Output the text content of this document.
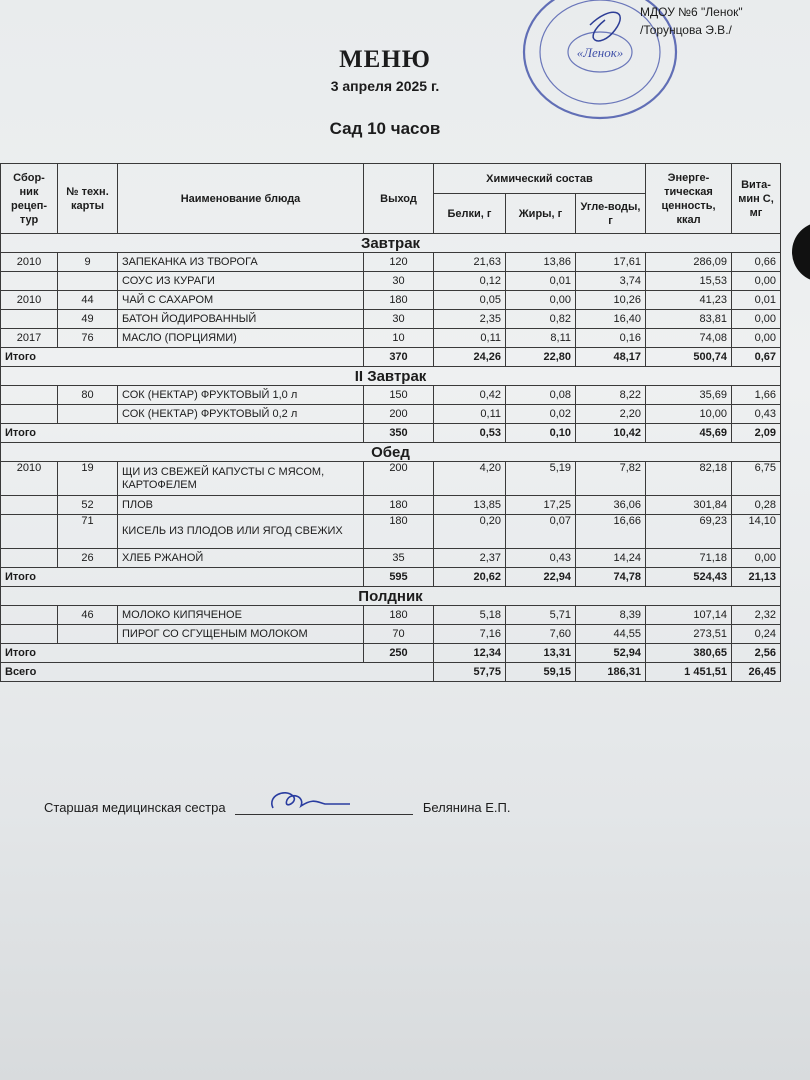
«Ленок»
МДОУ №6 "Ленок"
/Торунцова Э.В./
МЕНЮ
3 апреля 2025 г.
Сад 10 часов
Сбор-ник рецеп-тур	№ техн. карты	Наименование блюда	Выход	Химический состав			Энерге-тическая ценность, ккал	Вита-мин С, мг
				Белки, г	Жиры, г	Угле-воды, г		
Завтрак								
2010	9	ЗАПЕКАНКА ИЗ ТВОРОГА	120	21,63	13,86	17,61	286,09	0,66
		СОУС ИЗ КУРАГИ	30	0,12	0,01	3,74	15,53	0,00
2010	44	ЧАЙ С САХАРОМ	180	0,05	0,00	10,26	41,23	0,01
	49	БАТОН ЙОДИРОВАННЫЙ	30	2,35	0,82	16,40	83,81	0,00
2017	76	МАСЛО (ПОРЦИЯМИ)	10	0,11	8,11	0,16	74,08	0,00
Итого			370	24,26	22,80	48,17	500,74	0,67
II Завтрак								
	80	СОК (НЕКТАР) ФРУКТОВЫЙ 1,0 л	150	0,42	0,08	8,22	35,69	1,66
		СОК (НЕКТАР) ФРУКТОВЫЙ 0,2 л	200	0,11	0,02	2,20	10,00	0,43
Итого			350	0,53	0,10	10,42	45,69	2,09
Обед								
2010	19	ЩИ ИЗ СВЕЖЕЙ КАПУСТЫ С МЯСОМ, КАРТОФЕЛЕМ	200	4,20	5,19	7,82	82,18	6,75
	52	ПЛОВ	180	13,85	17,25	36,06	301,84	0,28
	71	КИСЕЛЬ ИЗ ПЛОДОВ ИЛИ ЯГОД СВЕЖИХ	180	0,20	0,07	16,66	69,23	14,10
	26	ХЛЕБ РЖАНОЙ	35	2,37	0,43	14,24	71,18	0,00
Итого			595	20,62	22,94	74,78	524,43	21,13
Полдник								
	46	МОЛОКО КИПЯЧЕНОЕ	180	5,18	5,71	8,39	107,14	2,32
		ПИРОГ СО СГУЩЕНЫМ МОЛОКОМ	70	7,16	7,60	44,55	273,51	0,24
Итого			250	12,34	13,31	52,94	380,65	2,56
Всего				57,75	59,15	186,31	1 451,51	26,45
Старшая медицинская сестра	Белянина Е.П.
